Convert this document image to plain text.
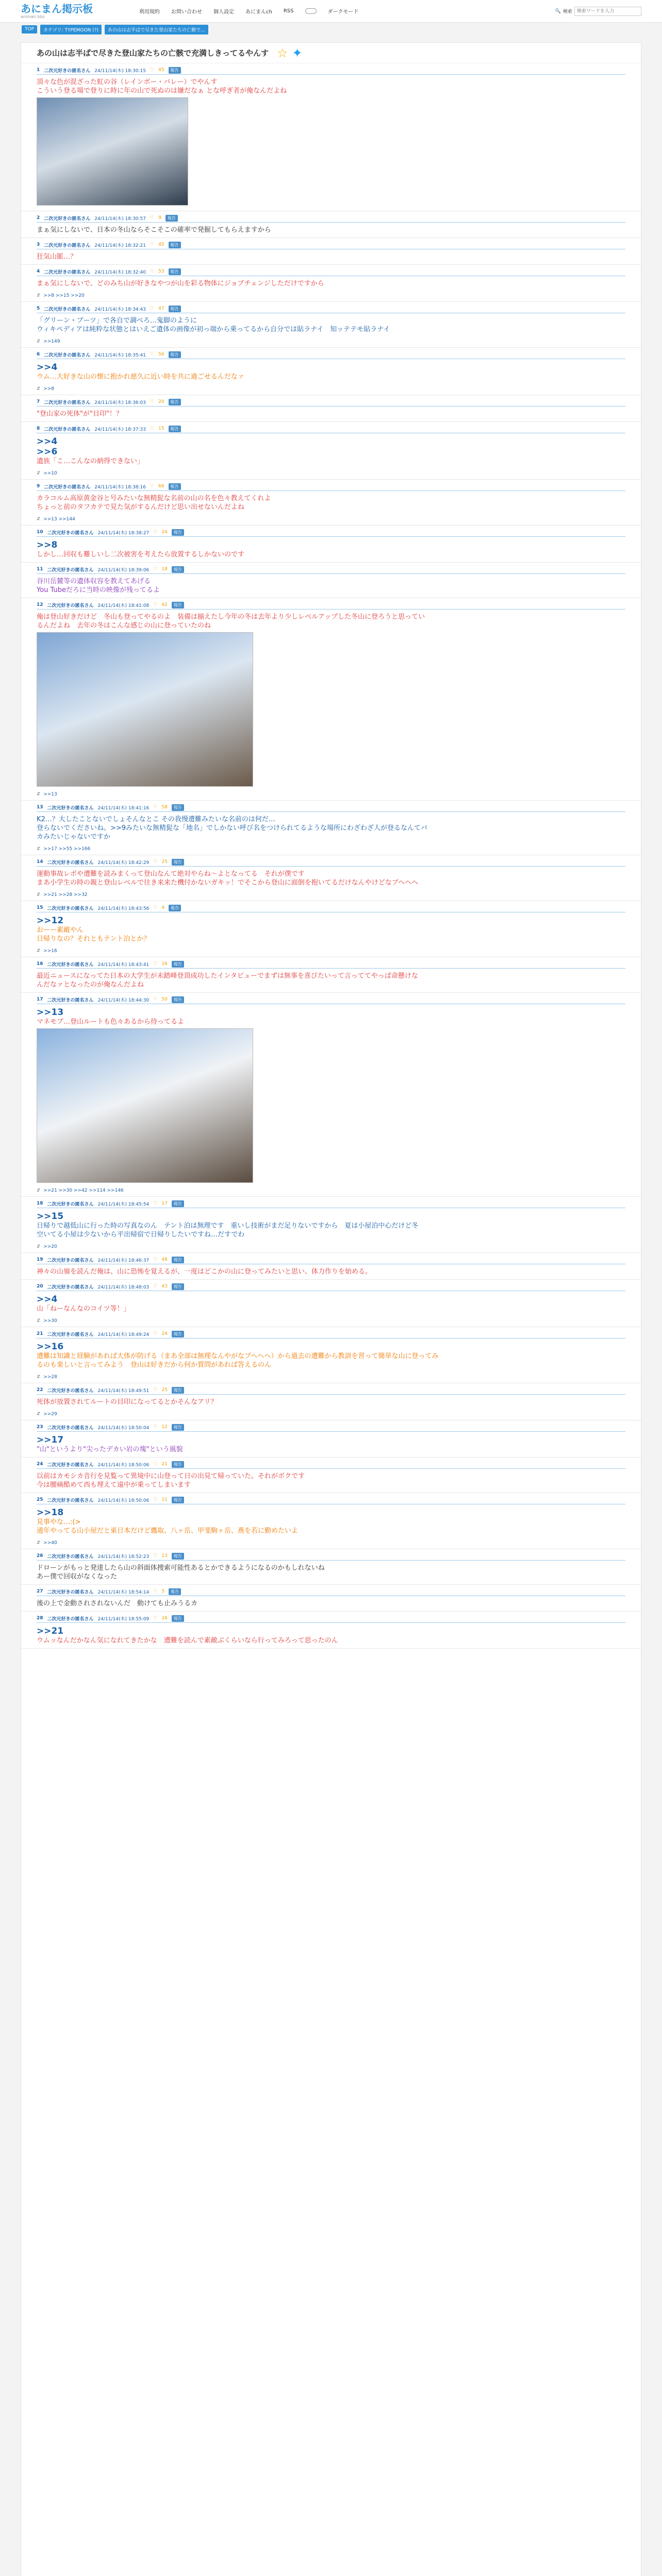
あにまん掲示板
animan bbs
利用規約 お問い合わせ 個人設定 あにまんch RSS	ダークモード	🔍 検索
検索ワードを入力
TOP	カテゴリ: TYPEMOON (?)	あの山は志半ばで尽きた登山家たちの亡骸で...
あの山は志半ばで尽きた登山家たちの亡骸で充満しきってるやんす ☆ ✦
1 二次元好きの匿名さん 24/11/14(木) 18:30:15 ♡ 45	報告
頂々な色が混ざった虹の谷（レインボー・バレー）でやんす
こういう登る場で登りに時に年の山で死ぬのは嫌だなぁ とな呼ぎ者が俺なんだよね
2 二次元好きの匿名さん 24/11/14(木) 18:30:57 ♡ 9	報告
まぁ気にしないで、日本の冬山ならそこそこの確率で発掘してもらえますから
3 二次元好きの匿名さん 24/11/14(木) 18:32:21 ♡ 45	報告
狂気山脈…？
4 二次元好きの匿名さん 24/11/14(木) 18:32:40 ♡ 53	報告
まぁ気にしないで、どのみち山が好きなやつが山を彩る物体にジョブチェンジしただけですから
⮃ >>8 >>15 >>20
5 二次元好きの匿名さん 24/11/14(木) 18:34:43 ♡ 47	報告
「グリーン・ブーツ」で各自で調べろ…鬼脚のように
ウィキペディアは純粋な状態とはいえご遺体の画像が初っ端から乗ってるから自分では貼ラナイ　知ッテテモ貼ラナイ
⮃ >>149
6 二次元好きの匿名さん 24/11/14(木) 18:35:41 ♡ 56	報告
>>4
ウム…大好きな山の懐に抱かれ慈久に近い時を共に過ごせるんだなァ
⮃ >>8
7 二次元好きの匿名さん 24/11/14(木) 18:36:03 ♡ 20	報告
"登山家の死体"が"目印"！？
8 二次元好きの匿名さん 24/11/14(木) 18:37:33 ♡ 15	報告
>>4
>>6
遺族「こ…こんなの納得できない」
⮃ >>10
9 二次元好きの匿名さん 24/11/14(木) 18:38:16 ♡ 66	報告
カラコルム高原黄金谷と号みたいな無精髭な名前の山の名を色々教えてくれよ
ちょっと前のタフカテで見た気がするんだけど思い出せないんだよね
⮃ >>13 >>144
10 二次元好きの匿名さん 24/11/14(木) 18:38:27 ♡ 24	報告
>>8
しかし…回収も難しいし二次被害を考えたら放置するしかないのです
11 二次元好きの匿名さん 24/11/14(木) 18:39:06 ♡ 18	報告
谷川岳麓等の遺体収容を教えてあげる
You Tubeだろに当時の映像が残ってるよ
12 二次元好きの匿名さん 24/11/14(木) 18:41:08 ♡ 42	報告
俺は登山好きだけど　冬山も登ってやるのよ　装備は揃えたし今年の冬は去年より少しレベルアップした冬山に登ろうと思ってい
るんだよね　去年の冬はこんな感じの山に登っていたのね
⮃ >>13
13 二次元好きの匿名さん 24/11/14(木) 18:41:16 ♡ 58	報告
K2…？大したことないでしょそんなとこ その我慢遭難みたいな名前のは何だ…
登らないでくださいね。>>9みたいな無精髭な「地名」でしかない呼び名をつけられてるような場所にわざわざ人が登るなんてバ
カみたいじゃないですか
⮃ >>17 >>55 >>166
14 二次元好きの匿名さん 24/11/14(木) 18:42:29 ♡ 25	報告
運動事故レポや遭難を読みまくって登山なんて絶対やらね～よとなってる　それが僕です
まあ小学生の時の親と登山レベルで往き来来た機付かないガキッ！でそこから登山に面倒を抱いてるだけなんやけどなブヘヘヘ
⮃ >>21 >>28 >>32
15 二次元好きの匿名さん 24/11/14(木) 18:43:56 ♡ 4	報告
>>12
おーー素敵やん
日帰りなの？それともテント泊とか？
⮃ >>16
16 二次元好きの匿名さん 24/11/14(木) 18:43:41 ♡ 16	報告
最近ニュースになってた日本の大学生が未踏峰登頂成功したインタビューでまずは無事を喜びたいって言っててやっぱ命懸けな
んだなァとなったのが俺なんだよね
17 二次元好きの匿名さん 24/11/14(木) 18:44:30 ♡ 50	報告
>>13
マネモブ…登山ルートも色々あるから待ってるよ
⮃ >>21 >>30 >>42 >>114 >>146
18 二次元好きの匿名さん 24/11/14(木) 18:45:54 ♡ 17	報告
>>15
日帰りで越低山に行った時の写真なのん　テント泊は無理です　重いし技術がまだ足りないですから　夏は小屋泊中心だけど冬
空いてる小屋は少ないから平出帰宿で日帰りしたいですね…だすでわ
⮃ >>20
19 二次元好きの匿名さん 24/11/14(木) 18:46:37 ♡ 48	報告
神々の山嶺を読んだ俺は、山に恐怖を覚えるが、一度はどこかの山に登ってみたいと思い、体力作りを始める。
20 二次元好きの匿名さん 24/11/14(木) 18:48:03 ♡ 43	報告
>>4
山「ねーなんなのコイツ等！」
⮃ >>30
21 二次元好きの匿名さん 24/11/14(木) 18:49:24 ♡ 24	報告
>>16
遭難は知識と経験があれば大体が防げる（まあ全部は無理なんやがなブヘヘヘ）から過去の遭難から教訓を習って簡単な山に登ってみ
るのも楽しいと言ってみよう　登山は好きだから何か質問があれば答えるのん
⮃ >>28
22 二次元好きの匿名さん 24/11/14(木) 18:49:51 ♡ 25	報告
死体が放置されてルートの目印になってるとかそんなアリ？
⮃ >>29
23 二次元好きの匿名さん 24/11/14(木) 18:50:04 ♡ 12	報告
>>17
"山"というより"尖ったデカい岩の塊"という風貌
24 二次元好きの匿名さん 24/11/14(木) 18:50:06 ♡ 21	報告
以前はカモシカ音行を見覧って異境中に山登って日の出見て帰っていた。それがボクです
今は腰痛酷めて西も埋えて遠中が乗ってしまいます
25 二次元好きの匿名さん 24/11/14(木) 18:50:06 ♡ 11	報告
>>18
見事やな…:(>
通年やってる山小屋だと東日本だけど鷹取、八ヶ岳、甲斐駒ヶ岳、燕を若に勤めたいよ
⮃ >>40
26 二次元好きの匿名さん 24/11/14(木) 18:52:23 ♡ 13	報告
ドローンがもっと発達したら山の斜面体捜索可能性あるとかできるようになるのかもしれないね
あー僕で回収がなくなった
27 二次元好きの匿名さん 24/11/14(木) 18:54:14 ♡ 5	報告
後の上で金動されされないんだ　動けても止みうるカ
28 二次元好きの匿名さん 24/11/14(木) 18:55:09 ♡ 16	報告
>>21
ウムッなんだかなん気になれてきたかな　遭難を読んで素敵ぶくらいなら行ってみろって思ったのん
